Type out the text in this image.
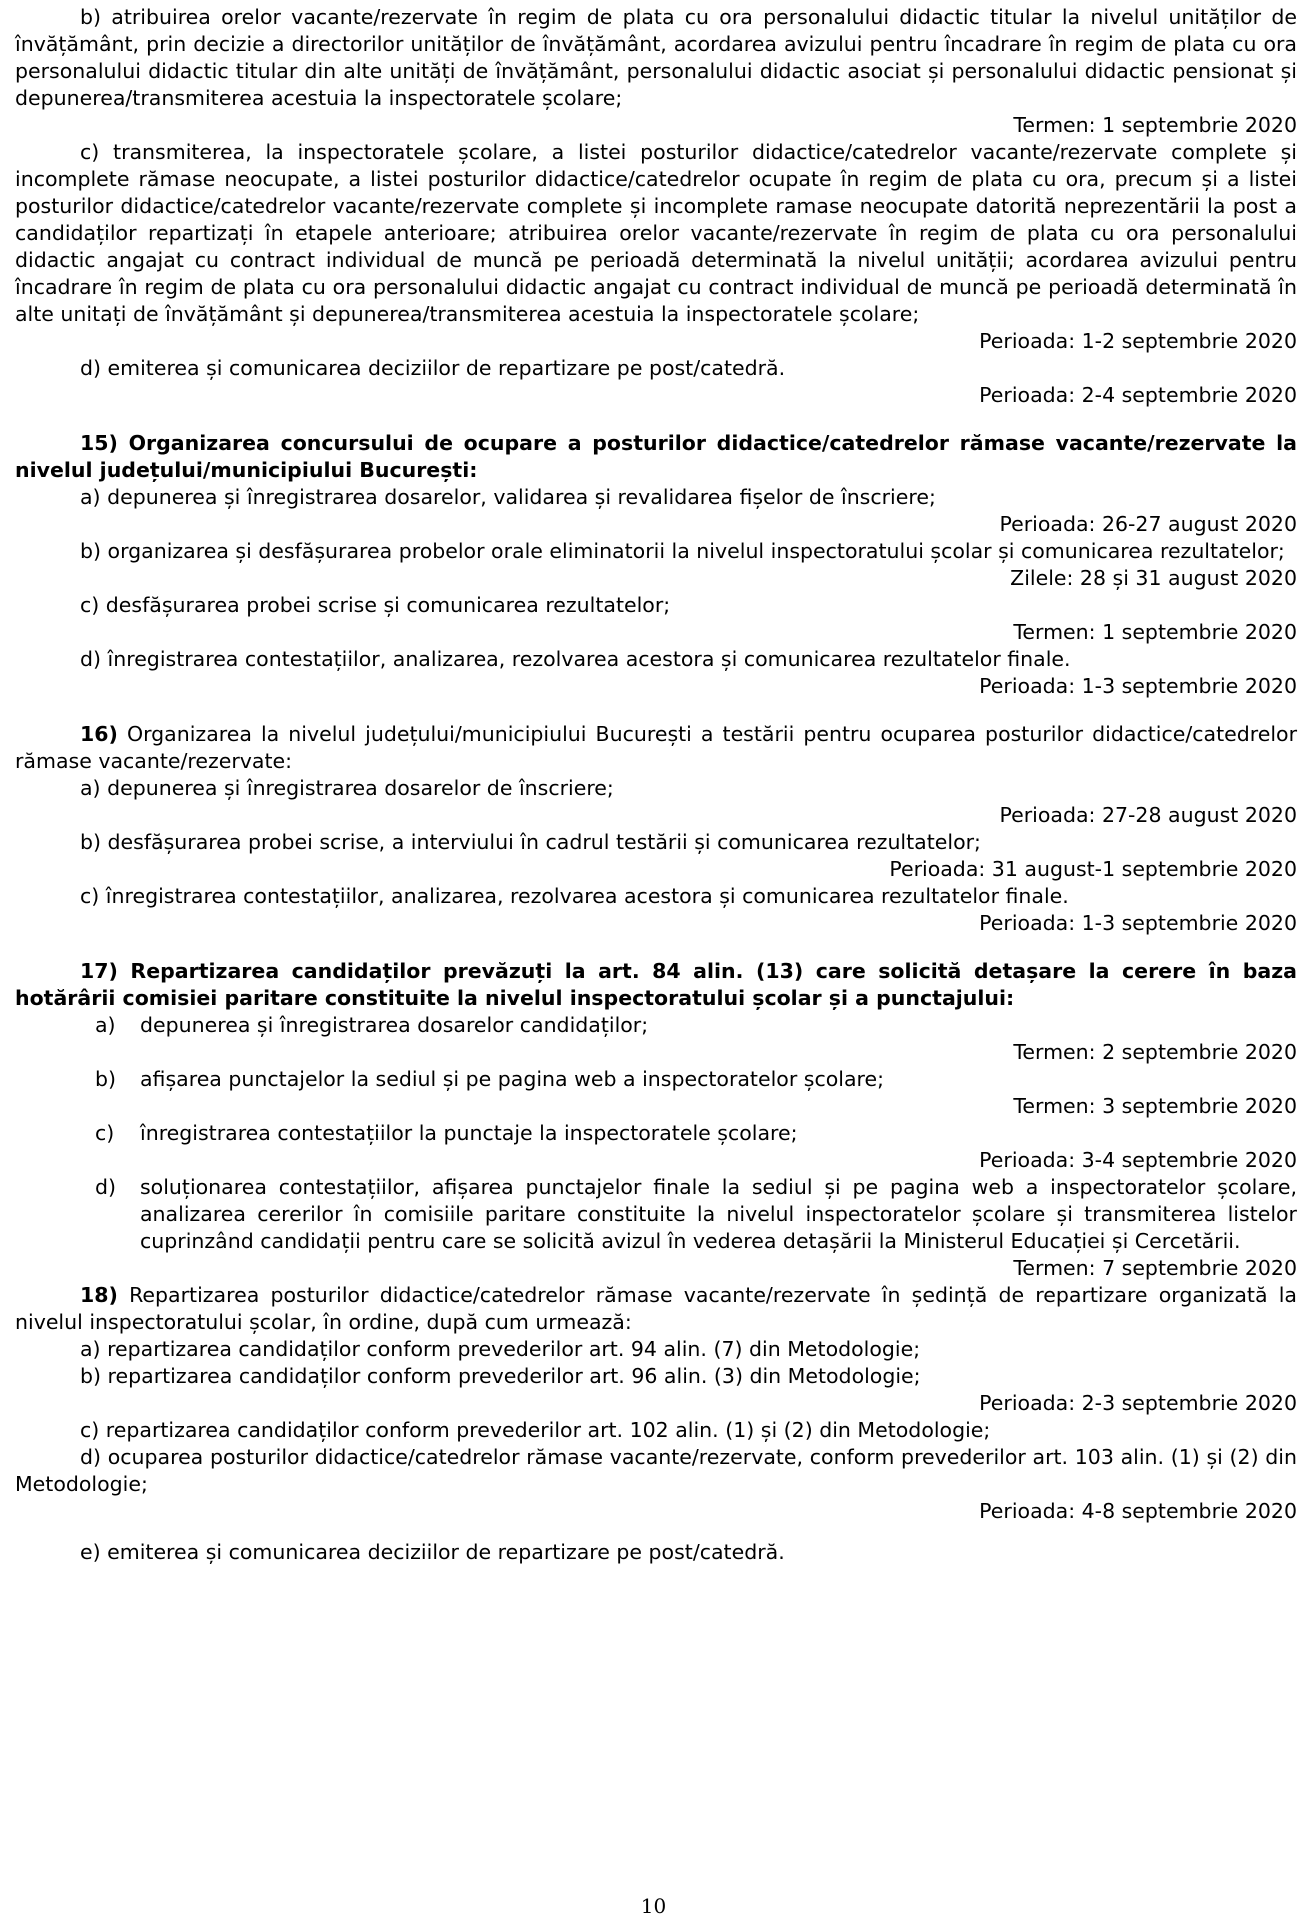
b) atribuirea orelor vacante/rezervate în regim de plata cu ora personalului didactic titular la nivelul unităților de învățământ, prin decizie a directorilor unităților de învățământ, acordarea avizului pentru încadrare în regim de plata cu ora personalului didactic titular din alte unități de învățământ, personalului didactic asociat și personalului didactic pensionat și depunerea/transmiterea acestuia la inspectoratele școlare;

Termen: 1 septembrie 2020

c) transmiterea, la inspectoratele școlare, a listei posturilor didactice/catedrelor vacante/rezervate complete și incomplete rămase neocupate, a listei posturilor didactice/catedrelor ocupate în regim de plata cu ora, precum și a listei posturilor didactice/catedrelor vacante/rezervate complete și incomplete ramase neocupate datorită neprezentării la post a candidaților repartizați în etapele anterioare; atribuirea orelor vacante/rezervate în regim de plata cu ora personalului didactic angajat cu contract individual de muncă pe perioadă determinată la nivelul unității; acordarea avizului pentru încadrare în regim de plata cu ora personalului didactic angajat cu contract individual de muncă pe perioadă determinată în alte unitați de învățământ și depunerea/transmiterea acestuia la inspectoratele școlare;

Perioada: 1-2 septembrie 2020

d) emiterea și comunicarea deciziilor de repartizare pe post/catedră.

Perioada: 2-4 septembrie 2020

15) Organizarea concursului de ocupare a posturilor didactice/catedrelor rămase vacante/rezervate la nivelul județului/municipiului București:

a) depunerea și înregistrarea dosarelor, validarea și revalidarea fișelor de înscriere;

Perioada: 26-27 august 2020

b) organizarea și desfășurarea probelor orale eliminatorii la nivelul inspectoratului școlar și comunicarea rezultatelor;

Zilele: 28 și 31 august 2020

c) desfășurarea probei scrise și comunicarea rezultatelor;

Termen: 1 septembrie 2020

d) înregistrarea contestațiilor, analizarea, rezolvarea acestora și comunicarea rezultatelor finale.

Perioada: 1-3 septembrie 2020

16) Organizarea la nivelul județului/municipiului București a testării pentru ocuparea posturilor didactice/catedrelor rămase vacante/rezervate:

a) depunerea și înregistrarea dosarelor de înscriere;

Perioada: 27-28 august 2020

b) desfășurarea probei scrise, a interviului în cadrul testării și comunicarea rezultatelor;

Perioada: 31 august-1 septembrie 2020

c) înregistrarea contestațiilor, analizarea, rezolvarea acestora și comunicarea rezultatelor finale.

Perioada: 1-3 septembrie 2020

17) Repartizarea candidaților prevăzuți la art. 84 alin. (13) care solicită detașare la cerere în baza hotărârii comisiei paritare constituite la nivelul inspectoratului școlar și a punctajului:

a) depunerea și înregistrarea dosarelor candidaților;

Termen: 2 septembrie 2020

b) afișarea punctajelor la sediul și pe pagina web a inspectoratelor școlare;

Termen: 3 septembrie 2020

c) înregistrarea contestațiilor la punctaje la inspectoratele școlare;

Perioada: 3-4 septembrie 2020

d) soluționarea contestațiilor, afișarea punctajelor finale la sediul și pe pagina web a inspectoratelor școlare, analizarea cererilor în comisiile paritare constituite la nivelul inspectoratelor școlare și transmiterea listelor cuprinzând candidații pentru care se solicită avizul în vederea detașării la Ministerul Educației și Cercetării.

Termen: 7 septembrie 2020

18) Repartizarea posturilor didactice/catedrelor rămase vacante/rezervate în ședință de repartizare organizată la nivelul inspectoratului școlar, în ordine, după cum urmează:

a) repartizarea candidaților conform prevederilor art. 94 alin. (7) din Metodologie;

b) repartizarea candidaților conform prevederilor art. 96 alin. (3) din Metodologie;

Perioada: 2-3 septembrie 2020

c) repartizarea candidaților conform prevederilor art. 102 alin. (1) și (2) din Metodologie;

d) ocuparea posturilor didactice/catedrelor rămase vacante/rezervate, conform prevederilor art. 103 alin. (1) și (2) din Metodologie;

Perioada: 4-8 septembrie 2020

e) emiterea și comunicarea deciziilor de repartizare pe post/catedră.

10
